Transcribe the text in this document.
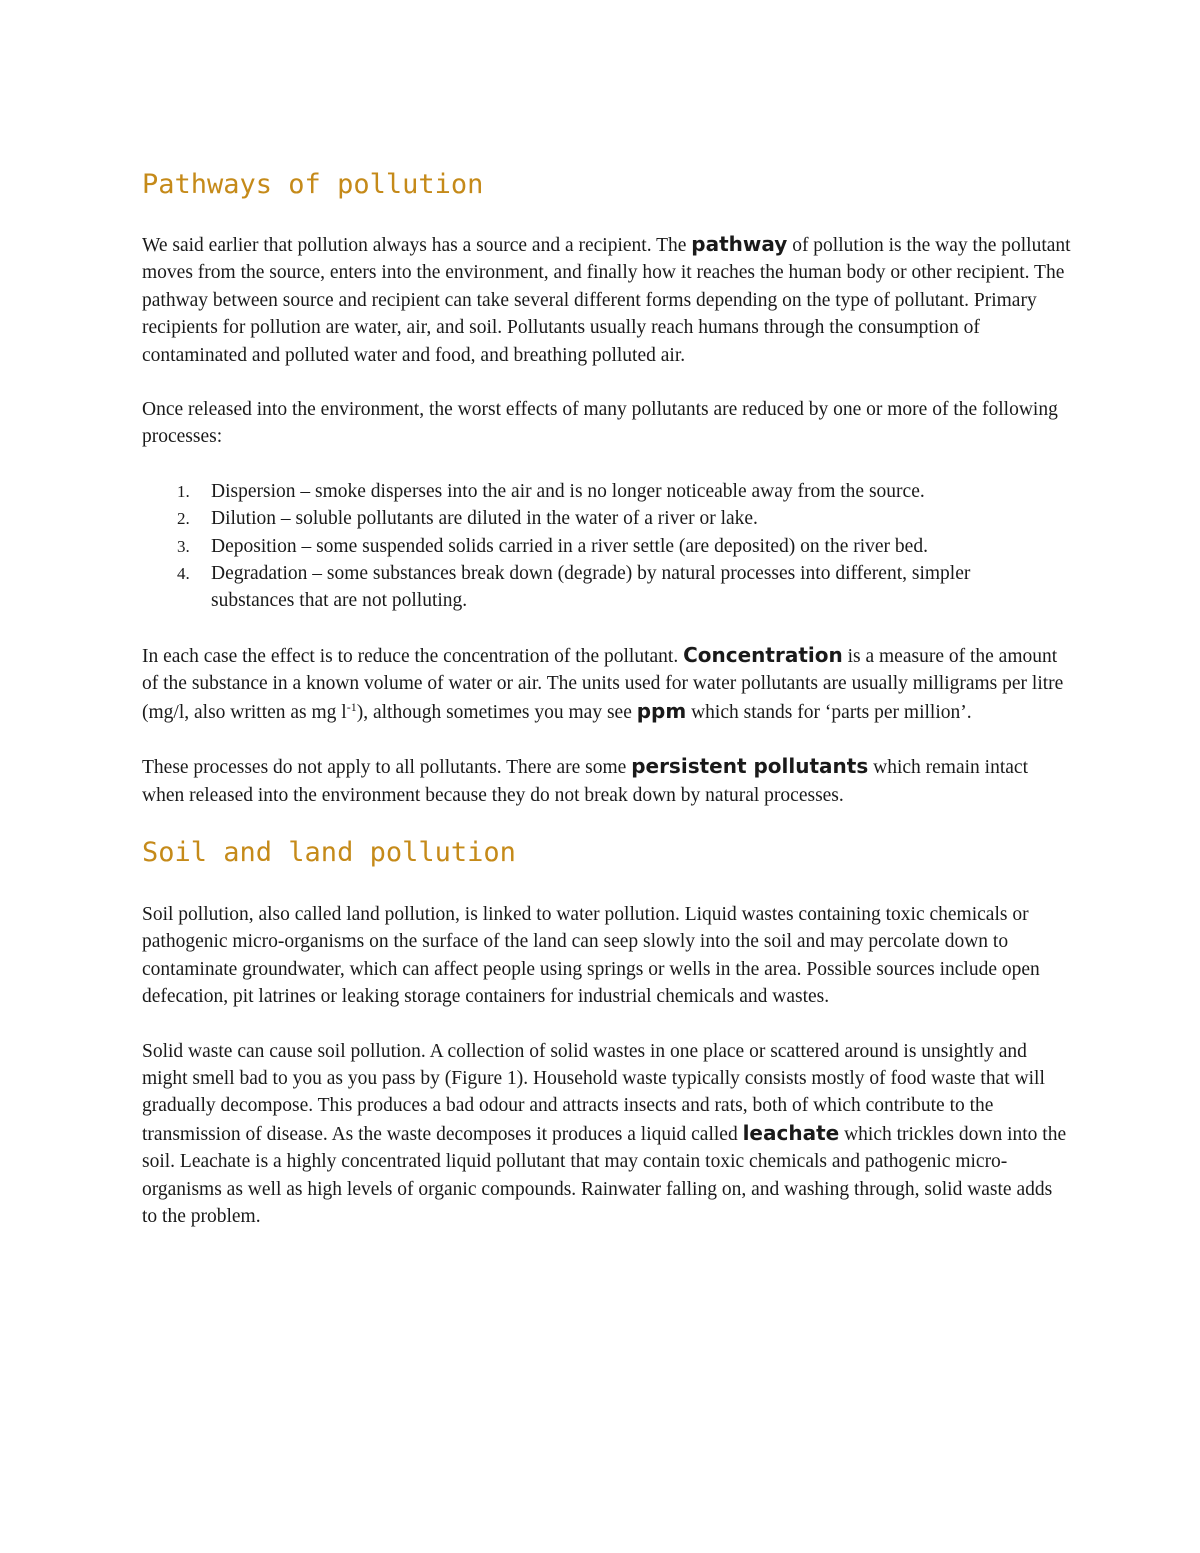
Pathways of pollution

We said earlier that pollution always has a source and a recipient. The pathway of pollution is the way the pollutant moves from the source, enters into the environment, and finally how it reaches the human body or other recipient. The pathway between source and recipient can take several different forms depending on the type of pollutant. Primary recipients for pollution are water, air, and soil. Pollutants usually reach humans through the consumption of contaminated and polluted water and food, and breathing polluted air.

Once released into the environment, the worst effects of many pollutants are reduced by one or more of the following processes:

1. Dispersion – smoke disperses into the air and is no longer noticeable away from the source.
2. Dilution – soluble pollutants are diluted in the water of a river or lake.
3. Deposition – some suspended solids carried in a river settle (are deposited) on the river bed.
4. Degradation – some substances break down (degrade) by natural processes into different, simpler substances that are not polluting.

In each case the effect is to reduce the concentration of the pollutant. Concentration is a measure of the amount of the substance in a known volume of water or air. The units used for water pollutants are usually milligrams per litre (mg/l, also written as mg $l^{-1}$), although sometimes you may see ppm which stands for ‘parts per million’.

These processes do not apply to all pollutants. There are some persistent pollutants which remain intact when released into the environment because they do not break down by natural processes.

Soil and land pollution

Soil pollution, also called land pollution, is linked to water pollution. Liquid wastes containing toxic chemicals or pathogenic micro-organisms on the surface of the land can seep slowly into the soil and may percolate down to contaminate groundwater, which can affect people using springs or wells in the area. Possible sources include open defecation, pit latrines or leaking storage containers for industrial chemicals and wastes.

Solid waste can cause soil pollution. A collection of solid wastes in one place or scattered around is unsightly and might smell bad to you as you pass by (Figure 1). Household waste typically consists mostly of food waste that will gradually decompose. This produces a bad odour and attracts insects and rats, both of which contribute to the transmission of disease. As the waste decomposes it produces a liquid called leachate which trickles down into the soil. Leachate is a highly concentrated liquid pollutant that may contain toxic chemicals and pathogenic micro-organisms as well as high levels of organic compounds. Rainwater falling on, and washing through, solid waste adds to the problem.
